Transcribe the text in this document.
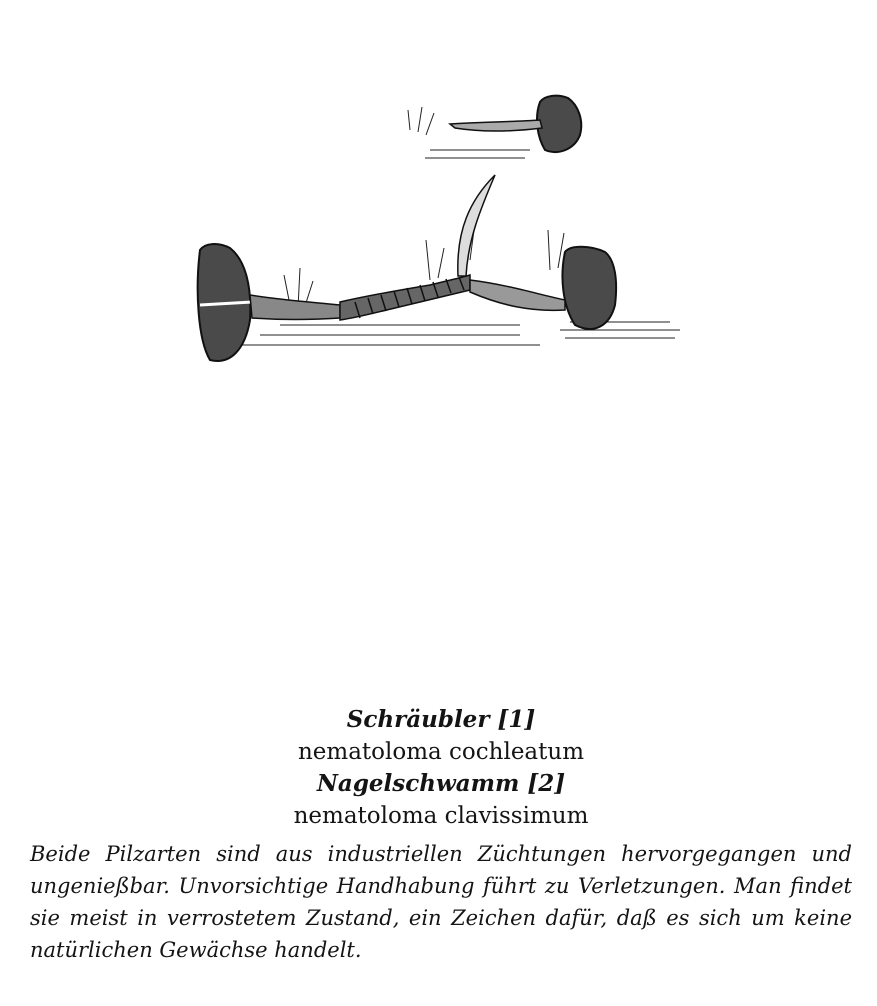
Schräubler [1]

nematoloma cochleatum

Nagelschwamm [2]

nematoloma clavissimum

Beide Pilzarten sind aus industriellen Züchtungen hervorgegangen und ungenießbar. Unvorsichtige Handhabung führt zu Verletzungen. Man findet sie meist in verrostetem Zustand, ein Zeichen dafür, daß es sich um keine natürlichen Gewächse handelt.
